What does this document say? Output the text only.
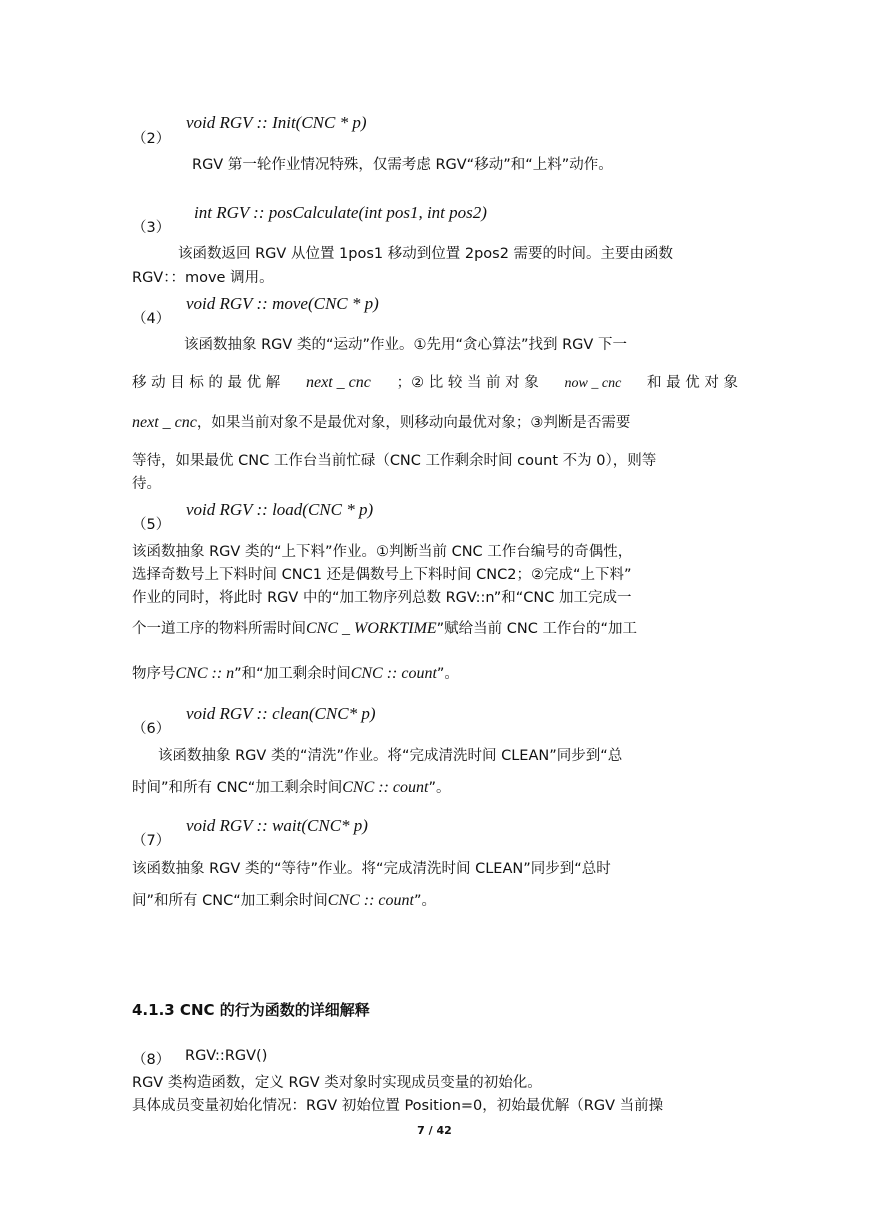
（2）
void RGV :: Init(CNC * p)
RGV 第一轮作业情况特殊，仅需考虑 RGV“移动”和“上料”动作。
（3）
int RGV :: posCalculate(int pos1, int pos2)
该函数返回 RGV 从位置 1pos1 移动到位置 2pos2 需要的时间。主要由函数
RGV：：move 调用。
（4）
void RGV :: move(CNC * p)
该函数抽象 RGV 类的“运动”作业。①先用“贪心算法”找到 RGV 下一
移 动 目 标 的 最 优 解 next _ cnc ；② 比 较 当 前 对 象 now _ cnc 和 最 优 对 象
next _ cnc，如果当前对象不是最优对象，则移动向最优对象；③判断是否需要
等待，如果最优 CNC 工作台当前忙碌（CNC 工作剩余时间 count 不为 0），则等
待。
（5）
void RGV :: load(CNC * p)
该函数抽象 RGV 类的“上下料”作业。①判断当前 CNC 工作台编号的奇偶性，
选择奇数号上下料时间 CNC1 还是偶数号上下料时间 CNC2；②完成“上下料”
作业的同时，将此时 RGV 中的“加工物序列总数 RGV::n”和“CNC 加工完成一
个一道工序的物料所需时间CNC _ WORKTIME”赋给当前 CNC 工作台的“加工
物序号CNC :: n”和“加工剩余时间CNC :: count”。
（6）
void RGV :: clean(CNC* p)
该函数抽象 RGV 类的“清洗”作业。将“完成清洗时间 CLEAN”同步到“总
时间”和所有 CNC“加工剩余时间CNC :: count”。
（7）
void RGV :: wait(CNC* p)
该函数抽象 RGV 类的“等待”作业。将“完成清洗时间 CLEAN”同步到“总时
间”和所有 CNC“加工剩余时间CNC :: count”。
4.1.3 CNC 的行为函数的详细解释
（8） RGV::RGV()
RGV 类构造函数，定义 RGV 类对象时实现成员变量的初始化。
具体成员变量初始化情况：RGV 初始位置 Position=0，初始最优解（RGV 当前操
7 / 42
